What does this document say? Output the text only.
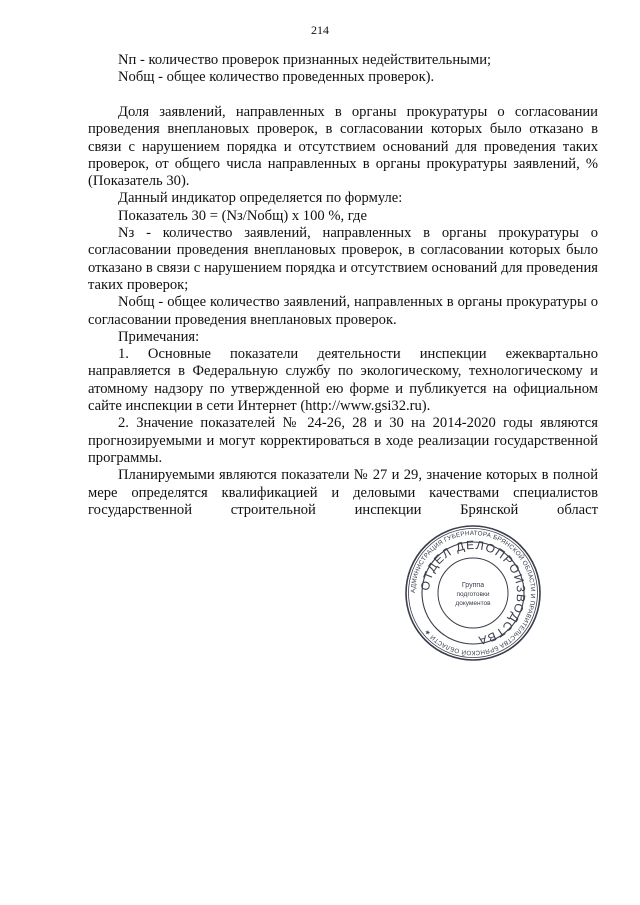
214

Nп - количество проверок признанных недействительными;

Nобщ - общее количество проведенных проверок).

Доля заявлений, направленных в органы прокуратуры о согласовании проведения внеплановых проверок, в согласовании которых было отказано в связи с нарушением порядка и отсутствием оснований для проведения таких проверок, от общего числа направленных в органы прокуратуры заявлений, % (Показатель 30).

Данный индикатор определяется по формуле:

Показатель 30 = (Nз/Nобщ) х 100 %, где

Nз - количество заявлений, направленных в органы прокуратуры о согласовании проведения внеплановых проверок, в согласовании которых было отказано в связи с нарушением порядка и отсутствием оснований для проведения таких проверок;

Nобщ - общее количество заявлений, направленных в органы прокуратуры о согласовании проведения внеплановых проверок.

Примечания:

1. Основные показатели деятельности инспекции ежеквартально направляется в Федеральную службу по экологическому, технологическому и атомному надзору по утвержденной ею форме и публикуется на официальном сайте инспекции в сети Интернет (http://www.gsi32.ru).

2. Значение показателей № 24-26, 28 и 30 на 2014-2020 годы являются прогнозируемыми и могут корректироваться в ходе реализации государственной программы.

Планируемыми являются показатели № 27 и 29, значение которых в полной мере определятся квалификацией и деловыми качествами специалистов государственной строительной инспекции Брянской област

АДМИНИСТРАЦИЯ ГУБЕРНАТОРА БРЯНСКОЙ ОБЛАСТИ И ПРАВИТЕЛЬСТВА БРЯНСКОЙ ОБЛАСТИ ★
ОТДЕЛ ДЕЛОПРОИЗВОДСТВА
Группа
подготовки
документов
